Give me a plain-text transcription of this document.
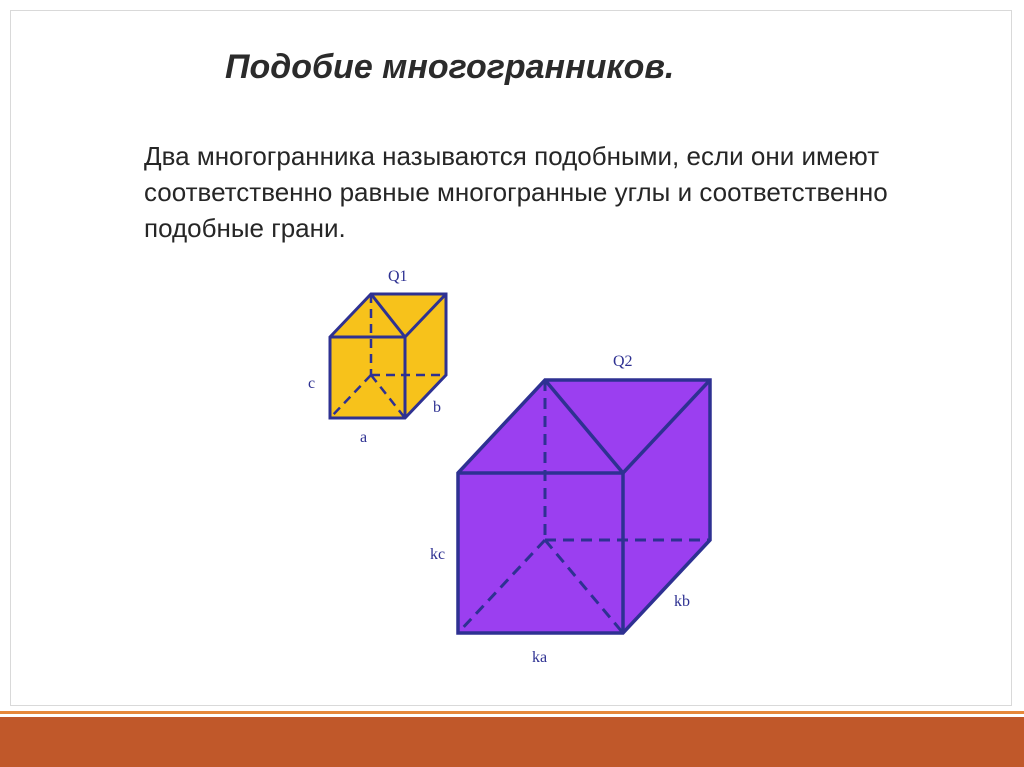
Подобие многогранников.

Два многогранника называются подобными, если они имеют соответственно равные многогранные углы и соответственно подобные грани.

Q1
c
b
a
Q2
kc
kb
ka
